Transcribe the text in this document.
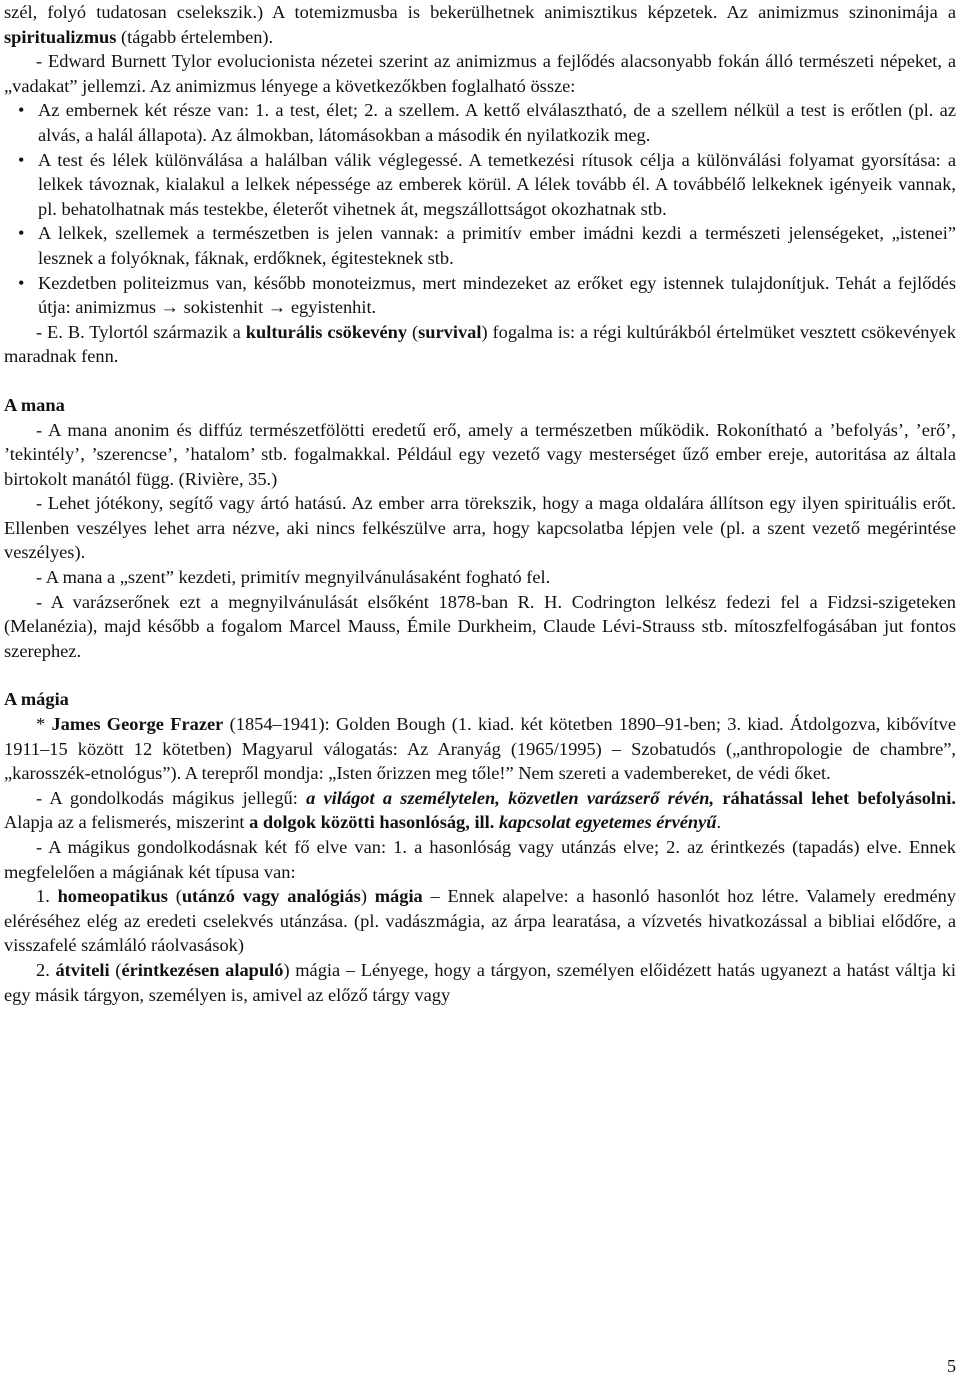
szél, folyó tudatosan cselekszik.) A totemizmusba is bekerülhetnek animisztikus képzetek. Az animizmus szinonimája a spiritualizmus (tágabb értelemben).

- Edward Burnett Tylor evolucionista nézetei szerint az animizmus a fejlődés alacsonyabb fokán álló természeti népeket, a „vadakat” jellemzi. Az animizmus lényege a következőkben foglalható össze:

• Az embernek két része van: 1. a test, élet; 2. a szellem. A kettő elválasztható, de a szellem nélkül a test is erőtlen (pl. az alvás, a halál állapota). Az álmokban, látomásokban a második én nyilatkozik meg.

• A test és lélek különválása a halálban válik véglegessé. A temetkezési rítusok célja a különválási folyamat gyorsítása: a lelkek távoznak, kialakul a lelkek népessége az emberek körül. A lélek tovább él. A továbbélő lelkeknek igényeik vannak, pl. behatolhatnak más testekbe, életerőt vihetnek át, megszállottságot okozhatnak stb.

• A lelkek, szellemek a természetben is jelen vannak: a primitív ember imádni kezdi a természeti jelenségeket, „istenei” lesznek a folyóknak, fáknak, erdőknek, égitesteknek stb.

• Kezdetben politeizmus van, később monoteizmus, mert mindezeket az erőket egy istennek tulajdonítjuk. Tehát a fejlődés útja: animizmus → sokistenhit → egyistenhit.

- E. B. Tylortól származik a kulturális csökevény (survival) fogalma is: a régi kultúrákból értelmüket vesztett csökevények maradnak fenn.

A mana

- A mana anonim és diffúz természetfölötti eredetű erő, amely a természetben működik. Rokonítható a ’befolyás’, ’erő’, ’tekintély’, ’szerencse’, ’hatalom’ stb. fogalmakkal. Például egy vezető vagy mesterséget űző ember ereje, autoritása az általa birtokolt manától függ. (Rivière, 35.)

- Lehet jótékony, segítő vagy ártó hatású. Az ember arra törekszik, hogy a maga oldalára állítson egy ilyen spirituális erőt. Ellenben veszélyes lehet arra nézve, aki nincs felkészülve arra, hogy kapcsolatba lépjen vele (pl. a szent vezető megérintése veszélyes).

- A mana a „szent” kezdeti, primitív megnyilvánulásaként fogható fel.

- A varázserőnek ezt a megnyilvánulását elsőként 1878-ban R. H. Codrington lelkész fedezi fel a Fidzsi-szigeteken (Melanézia), majd később a fogalom Marcel Mauss, Émile Durkheim, Claude Lévi-Strauss stb. mítoszfelfogásában jut fontos szerephez.

A mágia

* James George Frazer (1854–1941): Golden Bough (1. kiad. két kötetben 1890–91-ben; 3. kiad. Átdolgozva, kibővítve 1911–15 között 12 kötetben) Magyarul válogatás: Az Aranyág (1965/1995) – Szobatudós („anthropologie de chambre”, „karosszék-etnológus”). A terepről mondja: „Isten őrizzen meg tőle!” Nem szereti a vadembereket, de védi őket.

- A gondolkodás mágikus jellegű: a világot a személytelen, közvetlen varázserő révén, ráhatással lehet befolyásolni. Alapja az a felismerés, miszerint a dolgok közötti hasonlóság, ill. kapcsolat egyetemes érvényű.

- A mágikus gondolkodásnak két fő elve van: 1. a hasonlóság vagy utánzás elve; 2. az érintkezés (tapadás) elve. Ennek megfelelően a mágiának két típusa van:

1. homeopatikus (utánzó vagy analógiás) mágia – Ennek alapelve: a hasonló hasonlót hoz létre. Valamely eredmény eléréséhez elég az eredeti cselekvés utánzása. (pl. vadászmágia, az árpa learatása, a vízvetés hivatkozással a bibliai elődőre, a visszafelé számláló ráolvasások)

2. átviteli (érintkezésen alapuló) mágia – Lényege, hogy a tárgyon, személyen előidézett hatás ugyanezt a hatást váltja ki egy másik tárgyon, személyen is, amivel az előző tárgy vagy

5
